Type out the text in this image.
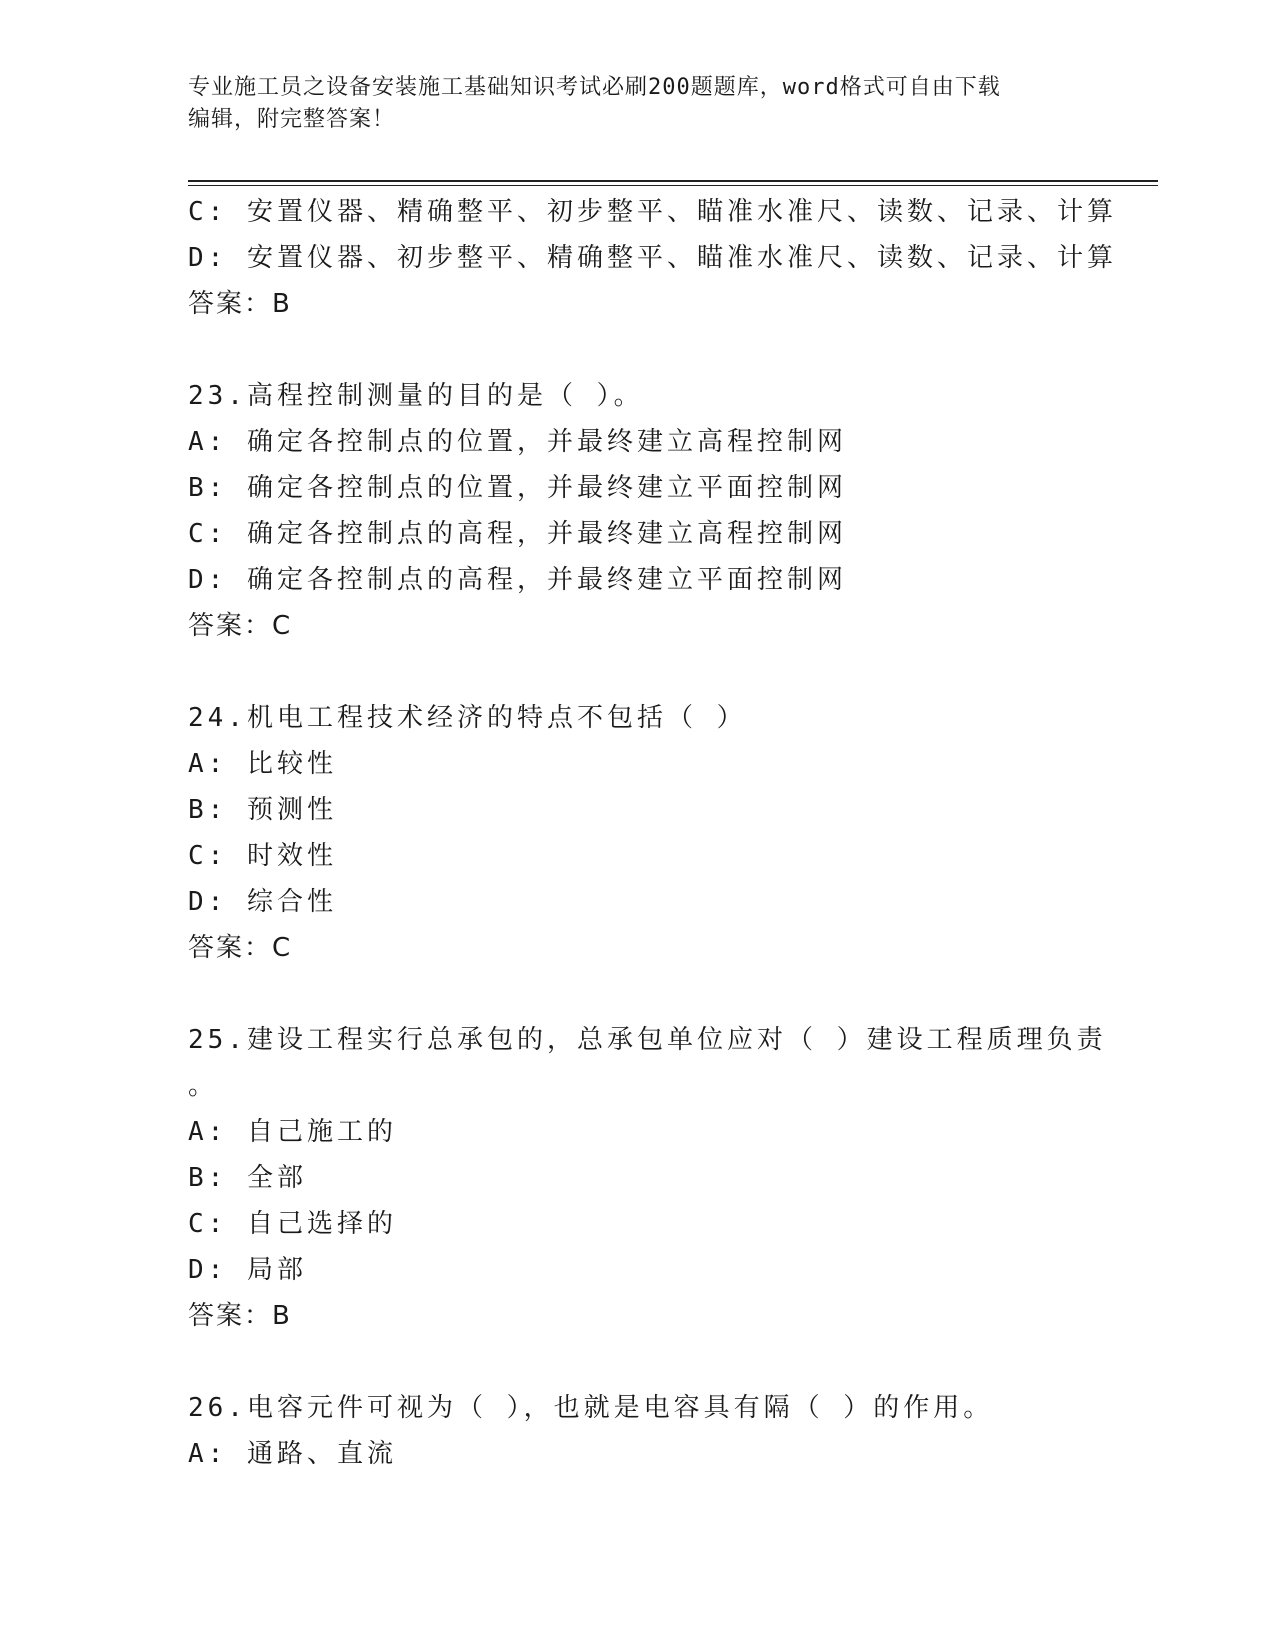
专业施工员之设备安装施工基础知识考试必刷200题题库，word格式可自由下载
编辑，附完整答案！
C: 安置仪器、精确整平、初步整平、瞄准水准尺、读数、记录、计算
D: 安置仪器、初步整平、精确整平、瞄准水准尺、读数、记录、计算
答案：B
23.高程控制测量的目的是（ ）。
A: 确定各控制点的位置，并最终建立高程控制网
B: 确定各控制点的位置，并最终建立平面控制网
C: 确定各控制点的高程，并最终建立高程控制网
D: 确定各控制点的高程，并最终建立平面控制网
答案：C
24.机电工程技术经济的特点不包括（ ）
A: 比较性
B: 预测性
C: 时效性
D: 综合性
答案：C
25.建设工程实行总承包的，总承包单位应对（ ）建设工程质理负责
。
A: 自己施工的
B: 全部
C: 自己选择的
D: 局部
答案：B
26.电容元件可视为（ ），也就是电容具有隔（ ）的作用。
A: 通路、直流
